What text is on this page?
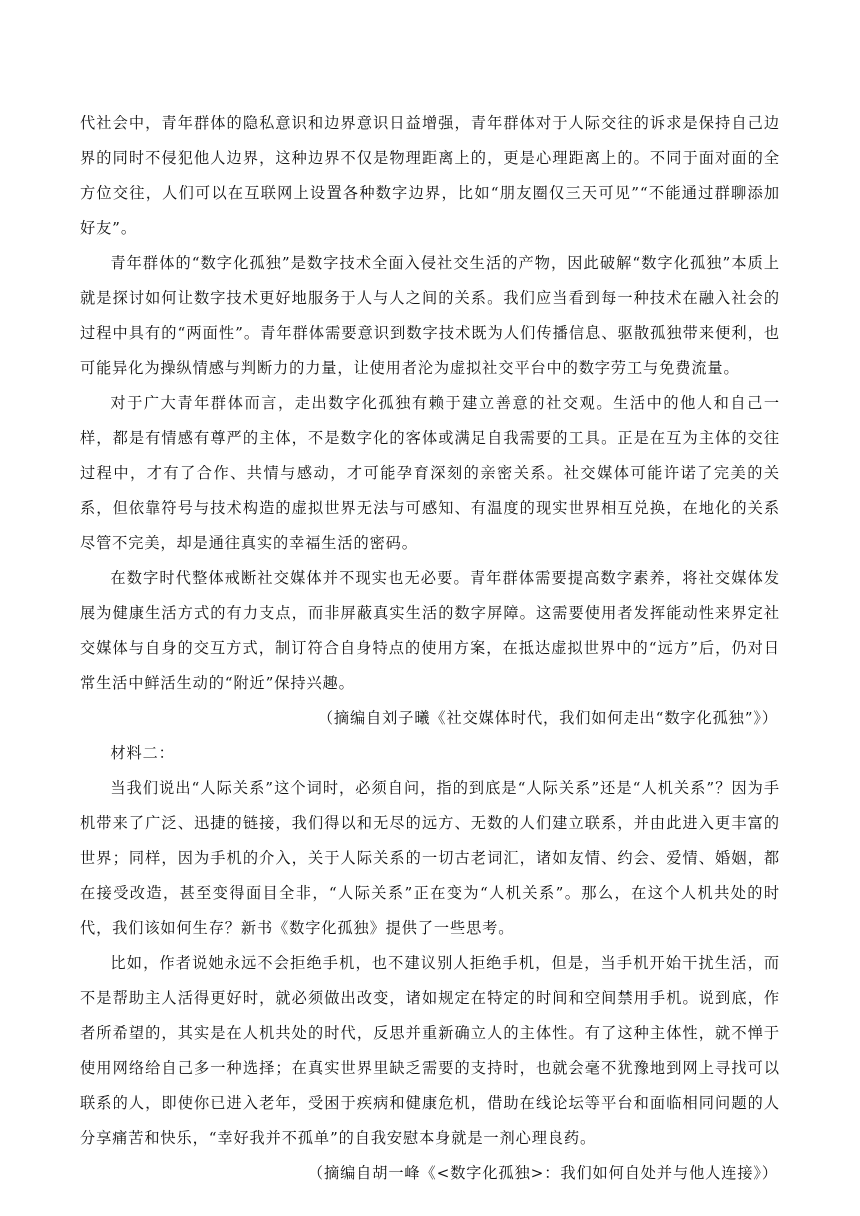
代社会中，青年群体的隐私意识和边界意识日益增强，青年群体对于人际交往的诉求是保持自己边界的同时不侵犯他人边界，这种边界不仅是物理距离上的，更是心理距离上的。不同于面对面的全方位交往，人们可以在互联网上设置各种数字边界，比如“朋友圈仅三天可见”“不能通过群聊添加好友”。

青年群体的“数字化孤独”是数字技术全面入侵社交生活的产物，因此破解“数字化孤独”本质上就是探讨如何让数字技术更好地服务于人与人之间的关系。我们应当看到每一种技术在融入社会的过程中具有的“两面性”。青年群体需要意识到数字技术既为人们传播信息、驱散孤独带来便利，也可能异化为操纵情感与判断力的力量，让使用者沦为虚拟社交平台中的数字劳工与免费流量。

对于广大青年群体而言，走出数字化孤独有赖于建立善意的社交观。生活中的他人和自己一样，都是有情感有尊严的主体，不是数字化的客体或满足自我需要的工具。正是在互为主体的交往过程中，才有了合作、共情与感动，才可能孕育深刻的亲密关系。社交媒体可能许诺了完美的关系，但依靠符号与技术构造的虚拟世界无法与可感知、有温度的现实世界相互兑换，在地化的关系尽管不完美，却是通往真实的幸福生活的密码。

在数字时代整体戒断社交媒体并不现实也无必要。青年群体需要提高数字素养，将社交媒体发展为健康生活方式的有力支点，而非屏蔽真实生活的数字屏障。这需要使用者发挥能动性来界定社交媒体与自身的交互方式，制订符合自身特点的使用方案，在抵达虚拟世界中的“远方”后，仍对日常生活中鲜活生动的“附近”保持兴趣。

（摘编自刘子曦《社交媒体时代，我们如何走出“数字化孤独”》）

材料二：

当我们说出“人际关系”这个词时，必须自问，指的到底是“人际关系”还是“人机关系”？因为手机带来了广泛、迅捷的链接，我们得以和无尽的远方、无数的人们建立联系，并由此进入更丰富的世界；同样，因为手机的介入，关于人际关系的一切古老词汇，诸如友情、约会、爱情、婚姻，都在接受改造，甚至变得面目全非，“人际关系”正在变为“人机关系”。那么，在这个人机共处的时代，我们该如何生存？新书《数字化孤独》提供了一些思考。

比如，作者说她永远不会拒绝手机，也不建议别人拒绝手机，但是，当手机开始干扰生活，而不是帮助主人活得更好时，就必须做出改变，诸如规定在特定的时间和空间禁用手机。说到底，作者所希望的，其实是在人机共处的时代，反思并重新确立人的主体性。有了这种主体性，就不惮于使用网络给自己多一种选择；在真实世界里缺乏需要的支持时，也就会毫不犹豫地到网上寻找可以联系的人，即使你已进入老年，受困于疾病和健康危机，借助在线论坛等平台和面临相同问题的人分享痛苦和快乐，“幸好我并不孤单”的自我安慰本身就是一剂心理良药。

（摘编自胡一峰《<数字化孤独>：我们如何自处并与他人连接》）
